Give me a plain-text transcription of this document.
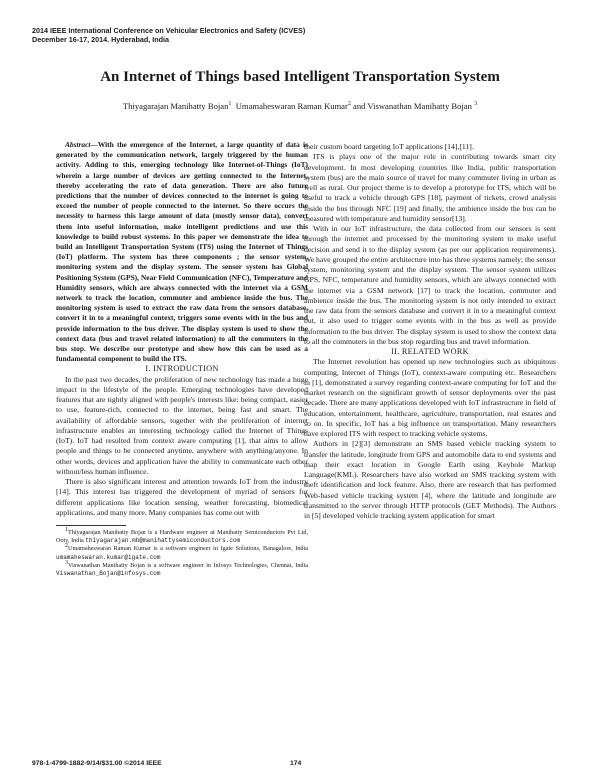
2014 IEEE International Conference on Vehicular Electronics and Safety (ICVES)
December 16-17, 2014. Hyderabad, India
An Internet of Things based Intelligent Transportation System
Thiyagarajan Manihatty Bojan$^1$ Umamaheswaran Raman Kumar$^2$ and Viswanathan Manihatty Bojan $^3$

Abstract—With the emergence of the Internet, a large quantity of data is generated by the communication network, largely triggered by the human activity. Adding to this, emerging technology like Internet-of-Things (IoT) wherein a large number of devices are getting connected to the Internet, thereby accelerating the rate of data generation. There are also future predictions that the number of devices connected to the internet is going to exceed the number of people connected to the internet. So there occurs the necessity to harness this large amount of data (mostly sensor data), convert them into useful information, make intelligent predictions and use this knowledge to build robust systems. In this paper we demonstrate the idea to build an Intelligent Transportation System (ITS) using the Internet of Things (IoT) platform. The system has three components ; the sensor system, monitoring system and the display system. The sensor system has Global Positioning System (GPS), Near Field Communication (NFC), Temperature and Humidity sensors, which are always connected with the internet via a GSM network to track the location, commuter and ambience inside the bus. The monitoring system is used to extract the raw data from the sensors database, convert it in to a meaningful context, triggers some events with in the bus and provide information to the bus driver. The display system is used to show the context data (bus and travel related information) to all the commuters in the bus stop. We describe our prototype and show how this can be used as a fundamental component to build the ITS.

I. INTRODUCTION

In the past two decades, the proliferation of new technology has made a huge impact in the lifestyle of the people. Emerging technologies have developed features that are tightly aligned with people's interests like: being compact, easier to use, feature-rich, connected to the internet, being fast and smart. The availability of affordable sensors, together with the proliferation of internet infrastructure enables an interesting technology called the Internet of Things (IoT). IoT had resulted from context aware computing [1], that aims to allow people and things to be connected anytime, anywhere with anything/anyone. In other words, devices and application have the ability to communicate each other without/less human influence.

There is also significant interest and attention towards IoT from the industry [14]. This interest has triggered the development of myriad of sensors for different applications like location sensing, weather forecasting, biomedical applications, and many more. Many companies has come out with

$^1$Thiyagarajan Manihatty Bojan is a Hardware engineer at Manihatty Semiconductors Pvt Ltd, Ooty, India thiyagarajan.mb@manihattysemiconductors.com

$^2$Umamaheswaran Raman Kumar is a software engineer in Igate Solutions, Banagalore, India umamaheswaran.kumar@igate.com

$^3$Viswanathan Manihatty Bojan is a software engineer in Infosys Technologies, Chennai, India Viswanathan_Bojan@infosys.com

their custom board targeting IoT applications [14],[11].

ITS is plays one of the major role in contributing towards smart city development. In most developing countries like India, public transportation system (bus) are the main source of travel for many commuter living in urban as well as rural. Our project theme is to develop a prototype for ITS, which will be useful to track a vehicle through GPS [18], payment of tickets, crowd analysis inside the bus through NFC [19] and finally, the ambience inside the bus can be measured with temperature and humidity sensor[13].

With in our IoT infrastructure, the data collected from our sensors is sent through the internet and processed by the monitoring system to make useful decision and send it to the display system (as per our application requirements). We have grouped the entire architecture into has three systems namely; the sensor system, monitoring system and the display system. The sensor system utilizes GPS, NFC, temperature and humidity sensors, which are always connected with the internet via a GSM network [17] to track the location, commuter and ambience inside the bus. The monitoring system is not only intended to extract the raw data from the sensors database and convert it in to a meaningful context but, it also used to trigger some events with in the bus as well as provide information to the bus driver. The display system is used to show the context data to all the commuters in the bus stop regarding bus and travel information.

II. RELATED WORK

The Internet revolution has opened up new technologies such as ubiquitous computing, Internet of Things (IoT), context-aware computing etc. Researchers in [1], demonstrated a survey regarding context-aware computing for IoT and the market research on the significant growth of sensor deployments over the past decade. There are many applications developed with IoT infrastructure in field of education, entertainment, healthcare, agriculture, transportation, real estates and so on. In specific, IoT has a big influence on transportation. Many researchers have explored ITS with respect to tracking vehicle systems.

Authors in [2][3] demonstrate an SMS based vehicle tracking system to transfer the latitude, longitude from GPS and automobile data to end systems and map their exact location in Google Earth using Keyhole Markup Language(KML). Researchers have also worked on SMS tracking system with theft identification and lock feature. Also, there are research that has performed Web-based vehicle tracking system [4], where the latitude and longitude are transmitted to the server through HTTP protocols (GET Methods). The Authors in [5] developed vehicle tracking system application for smart

978-1-4799-1882-9/14/$31.00 ©2014 IEEE	174
